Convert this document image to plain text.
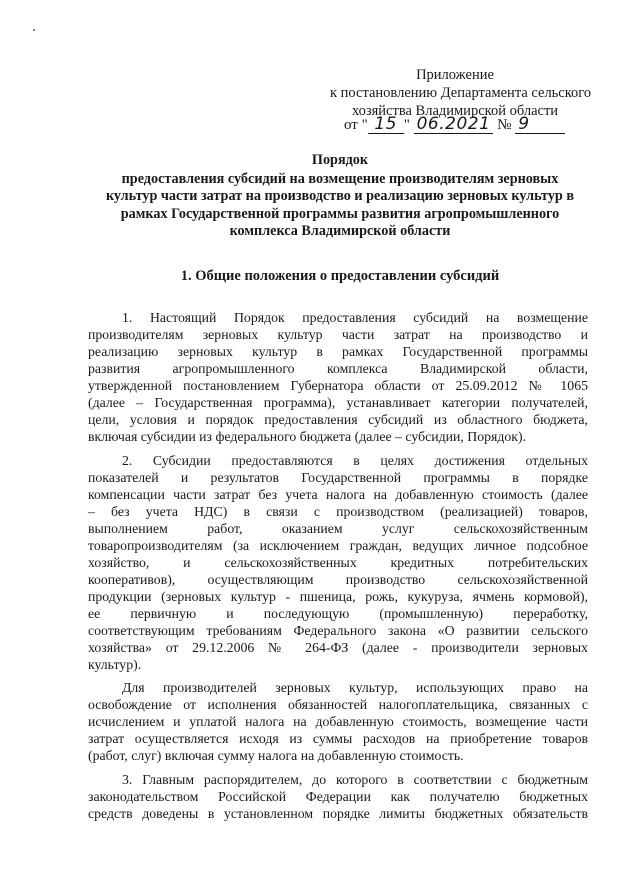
Приложение
к постановлению Департамента сельского
хозяйства Владимирской области
от " 15 " 06.2021 № 9
Порядок
предоставления субсидий на возмещение производителям зерновых
культур части затрат на производство и реализацию зерновых культур в
рамках Государственной программы развития агропромышленного
комплекса Владимирской области
1. Общие положения о предоставлении субсидий

1. Настоящий Порядок предоставления субсидий на возмещение
производителям зерновых культур части затрат на производство и
реализацию зерновых культур в рамках Государственной программы
развития агропромышленного комплекса Владимирской области,
утвержденной постановлением Губернатора области от 25.09.2012 № 1065
(далее – Государственная программа), устанавливает категории получателей,
цели, условия и порядок предоставления субсидий из областного бюджета,
включая субсидии из федерального бюджета (далее – субсидии, Порядок).

2. Субсидии предоставляются в целях достижения отдельных
показателей и результатов Государственной программы в порядке
компенсации части затрат без учета налога на добавленную стоимость (далее
– без учета НДС) в связи с производством (реализацией) товаров,
выполнением работ, оказанием услуг сельскохозяйственным
товаропроизводителям (за исключением граждан, ведущих личное подсобное
хозяйство, и сельскохозяйственных кредитных потребительских
кооперативов), осуществляющим производство сельскохозяйственной
продукции (зерновых культур - пшеница, рожь, кукуруза, ячмень кормовой),
ее первичную и последующую (промышленную) переработку,
соответствующим требованиям Федерального закона «О развитии сельского
хозяйства» от 29.12.2006 № 264-ФЗ (далее - производители зерновых
культур).

Для производителей зерновых культур, использующих право на
освобождение от исполнения обязанностей налогоплательщика, связанных с
исчислением и уплатой налога на добавленную стоимость, возмещение части
затрат осуществляется исходя из суммы расходов на приобретение товаров
(работ, слуг) включая сумму налога на добавленную стоимость.

3. Главным распорядителем, до которого в соответствии с бюджетным
законодательством Российской Федерации как получателю бюджетных
средств доведены в установленном порядке лимиты бюджетных обязательств
